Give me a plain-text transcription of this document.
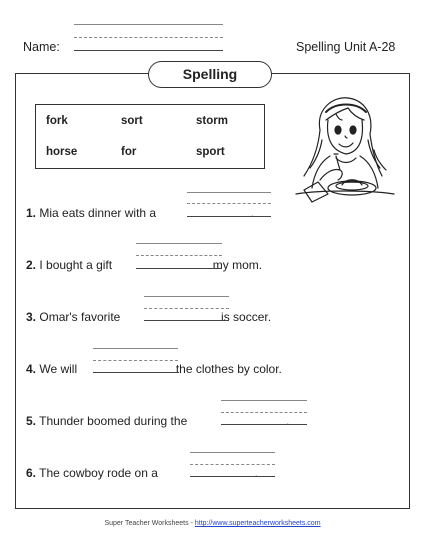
Name:	Spelling Unit A-28
Spelling
fork	sort	storm
horse	for	sport
1. Mia eats dinner with a	.
2. I bought a gift	my mom.
3. Omar's favorite	is soccer.
4. We will	the clothes by color.
5. Thunder boomed during the	.
6. The cowboy rode on a	.
Super Teacher Worksheets - http://www.superteacherworksheets.com
